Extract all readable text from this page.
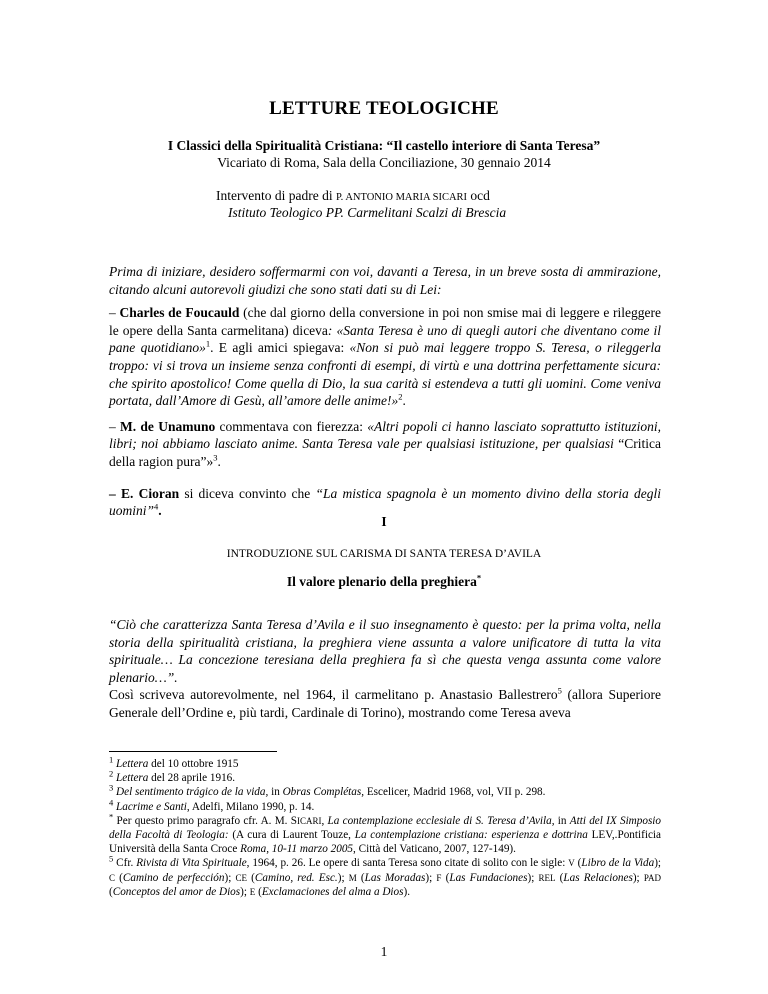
LETTURE TEOLOGICHE
I Classici della Spiritualità Cristiana: “Il castello interiore di Santa Teresa”
Vicariato di Roma, Sala della Conciliazione, 30 gennaio 2014
Intervento di padre di P. ANTONIO MARIA SICARI ocd
Istituto Teologico PP. Carmelitani Scalzi di Brescia

Prima di iniziare, desidero soffermarmi con voi, davanti a Teresa, in un breve sosta di ammirazione, citando alcuni autorevoli giudizi che sono stati dati su di Lei:

– Charles de Foucauld (che dal giorno della conversione in poi non smise mai di leggere e rileggere le opere della Santa carmelitana) diceva: «Santa Teresa è uno di quegli autori che diventano come il pane quotidiano»$^1$. E agli amici spiegava: «Non si può mai leggere troppo S. Teresa, o rileggerla troppo: vi si trova un insieme senza confronti di esempi, di virtù e una dottrina perfettamente sicura: che spirito apostolico! Come quella di Dio, la sua carità si estendeva a tutti gli uomini. Come veniva portata, dall’Amore di Gesù, all’amore delle anime!»$^2$.

– M. de Unamuno commentava con fierezza: «Altri popoli ci hanno lasciato soprattutto istituzioni, libri; noi abbiamo lasciato anime. Santa Teresa vale per qualsiasi istituzione, per qualsiasi “Critica della ragion pura”»$^3$.

– E. Cioran si diceva convinto che “La mistica spagnola è un momento divino della storia degli uomini”$^4$.

I
INTRODUZIONE SUL CARISMA DI SANTA TERESA D’AVILA
Il valore plenario della preghiera*

“Ciò che caratterizza Santa Teresa d’Avila e il suo insegnamento è questo: per la prima volta, nella storia della spiritualità cristiana, la preghiera viene assunta a valore unificatore di tutta la vita spirituale… La concezione teresiana della preghiera fa sì che questa venga assunta come valore plenario…”.

Così scriveva autorevolmente, nel 1964, il carmelitano p. Anastasio Ballestrero$^5$ (allora Superiore Generale dell’Ordine e, più tardi, Cardinale di Torino), mostrando come Teresa aveva

$^1$ Lettera del 10 ottobre 1915

$^2$ Lettera del 28 aprile 1916.

$^3$ Del sentimento trágico de la vida, in Obras Complétas, Escelicer, Madrid 1968, vol, VII p. 298.

$^4$ Lacrime e Santi, Adelfi, Milano 1990, p. 14.

* Per questo primo paragrafo cfr. A. M. SICARI, La contemplazione ecclesiale di S. Teresa d’Avila, in Atti del IX Simposio della Facoltà di Teologia: (A cura di Laurent Touze, La contemplazione cristiana: esperienza e dottrina LEV,.Pontificia Università della Santa Croce Roma, 10-11 marzo 2005, Città del Vaticano, 2007, 127-149).

$^5$ Cfr. Rivista di Vita Spirituale, 1964, p. 26. Le opere di santa Teresa sono citate di solito con le sigle: V (Libro de la Vida); C (Camino de perfección); CE (Camino, red. Esc.); M (Las Moradas); F (Las Fundaciones); REL (Las Relaciones); PAD (Conceptos del amor de Dios); E (Exclamaciones del alma a Dios).

1
